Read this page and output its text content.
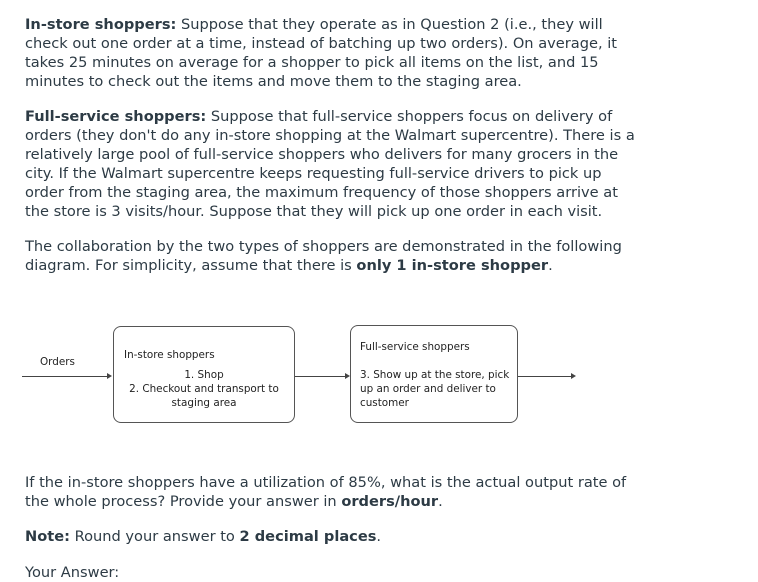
In-store shoppers: Suppose that they operate as in Question 2 (i.e., they will check out one order at a time, instead of batching up two orders). On average, it takes 25 minutes on average for a shopper to pick all items on the list, and 15 minutes to check out the items and move them to the staging area.

Full-service shoppers: Suppose that full-service shoppers focus on delivery of orders (they don't do any in-store shopping at the Walmart supercentre). There is a relatively large pool of full-service shoppers who delivers for many grocers in the city. If the Walmart supercentre keeps requesting full-service drivers to pick up order from the staging area, the maximum frequency of those shoppers arrive at the store is 3 visits/hour. Suppose that they will pick up one order in each visit.

The collaboration by the two types of shoppers are demonstrated in the following diagram. For simplicity, assume that there is only 1 in-store shopper.

Orders
In-store shoppers
1. Shop
2. Checkout and transport to
staging area
Full-service shoppers
3. Show up at the store, pick
up an order and deliver to
customer

If the in-store shoppers have a utilization of 85%, what is the actual output rate of the whole process? Provide your answer in orders/hour.

Note: Round your answer to 2 decimal places.

Your Answer:
